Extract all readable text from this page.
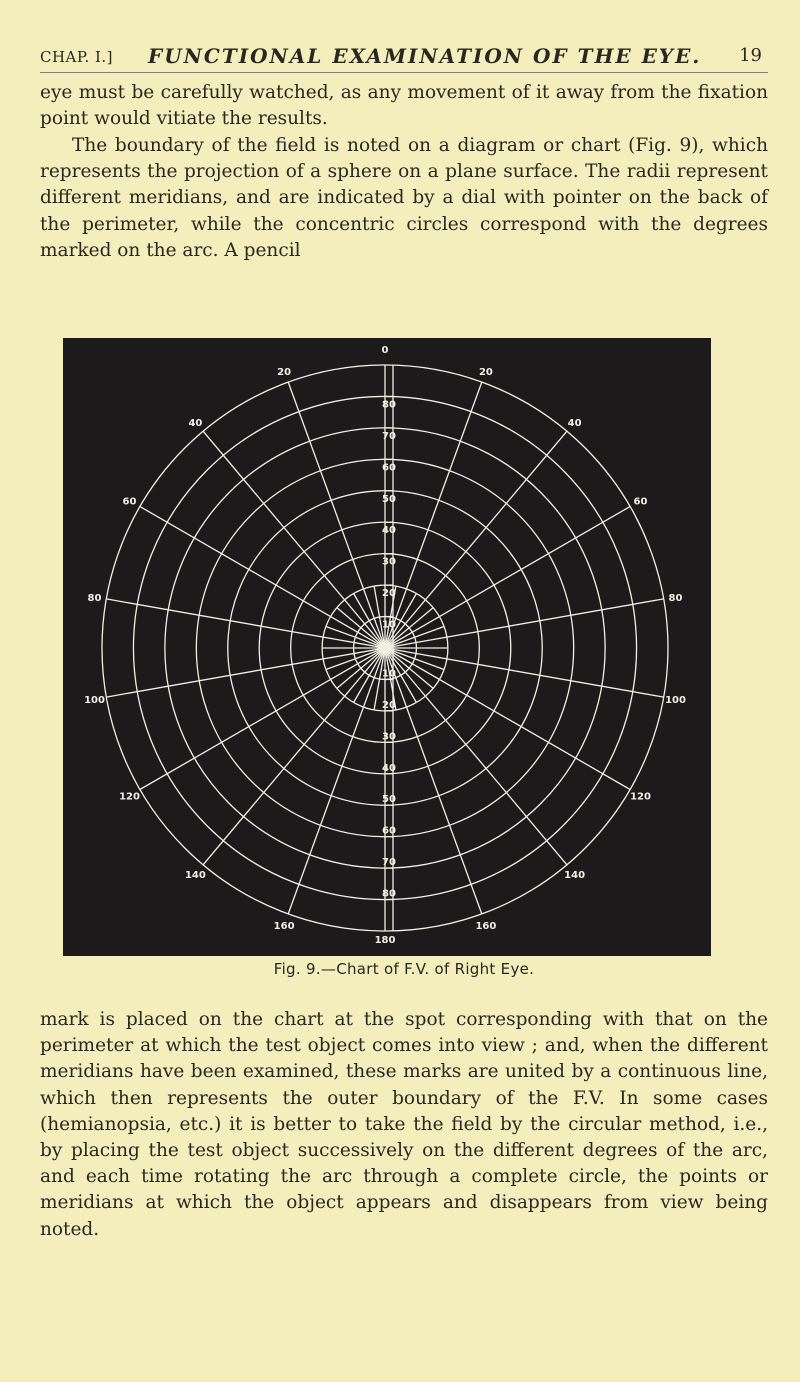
CHAP. I.] FUNCTIONAL EXAMINATION OF THE EYE. 19

eye must be carefully watched, as any movement of it away from the fixation point would vitiate the results.

The boundary of the field is noted on a diagram or chart (Fig. 9), which represents the projection of a sphere on a plane surface. The radii represent different meridians, and are indicated by a dial with pointer on the back of the perimeter, while the concentric circles correspond with the degrees marked on the arc. A pencil

80
70
60
50
40
30
20
10
10
20
30
40
50
60
70
80
0
180
20
40
60
80
100
120
140
160
20
40
60
80
100
120
140
160
Fig. 9.—Chart of F.V. of Right Eye.

mark is placed on the chart at the spot corresponding with that on the perimeter at which the test object comes into view ; and, when the different meridians have been examined, these marks are united by a continuous line, which then represents the outer boundary of the F.V. In some cases (hemianopsia, etc.) it is better to take the field by the circular method, i.e., by placing the test object successively on the different degrees of the arc, and each time rotating the arc through a complete circle, the points or meridians at which the object appears and disappears from view being noted.
